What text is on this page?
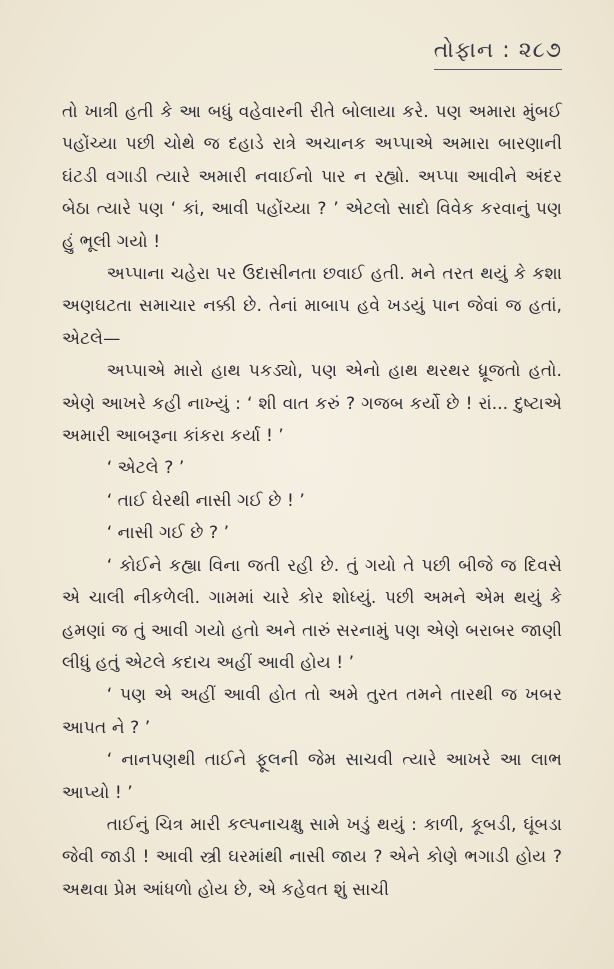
તોફાન : ૨૮૭

તો ખાત્રી હતી કે આ બધું વહેવારની રીતે બોલાયા કરે. પણ અમારા મુંબઈ પહોંચ્યા પછી ચોથે જ દહાડે રાત્રે અચાનક અપ્પાએ અમારા બારણાની ઘંટડી વગાડી ત્યારે અમારી નવાઈનો પાર ન રહ્યો. અપ્પા આવીને અંદર બેઠા ત્યારે પણ ‘ કાં, આવી પહોંચ્યા ? ’ એટલો સાદો વિવેક કરવાનું પણ હું ભૂલી ગયો !

અપ્પાના ચહેરા પર ઉદાસીનતા છવાઈ હતી. મને તરત થયું કે કશા અણઘટતા સમાચાર નક્કી છે. તેનાં માબાપ હવે ખડયું પાન જેવાં જ હતાં, એટલે—

અપ્પાએ મારો હાથ પકડ્યો, પણ એનો હાથ થરથર ધ્રૂજતો હતો. એણે આખરે કહી નાખ્યું : ‘ શી વાત કરું ? ગજબ કર્યો છે ! રાં... દુષ્ટાએ અમારી આબરૂના કાંકરા કર્યા ! ’

‘ એટલે ? ’

‘ તાઈ ઘેરથી નાસી ગઈ છે ! ’

‘ નાસી ગઈ છે ? ’

‘ કોઈને કહ્યા વિના જતી રહી છે. તું ગયો તે પછી બીજે જ દિવસે એ ચાલી નીકળેલી. ગામમાં ચારે કોર શોધ્યું. પછી અમને એમ થયું કે હમણાં જ તું આવી ગયો હતો અને તારું સરનામું પણ એણે બરાબર જાણી લીધું હતું એટલે કદાચ અહીં આવી હોય ! ’

‘ પણ એ અહીં આવી હોત તો અમે તુરત તમને તારથી જ ખબર આપત ને ? ’

‘ નાનપણથી તાઈને ફૂલની જેમ સાચવી ત્યારે આખરે આ લાભ આપ્યો ! ’

તાઈનું ચિત્ર મારી કલ્પનાચક્ષુ સામે ખડું થયું : કાળી, કૂબડી, ઘૂંબડા જેવી જાડી ! આવી સ્ત્રી ઘરમાંથી નાસી જાય ? એને કોણે ભગાડી હોય ? અથવા પ્રેમ આંધળો હોય છે, એ કહેવત શું સાચી
